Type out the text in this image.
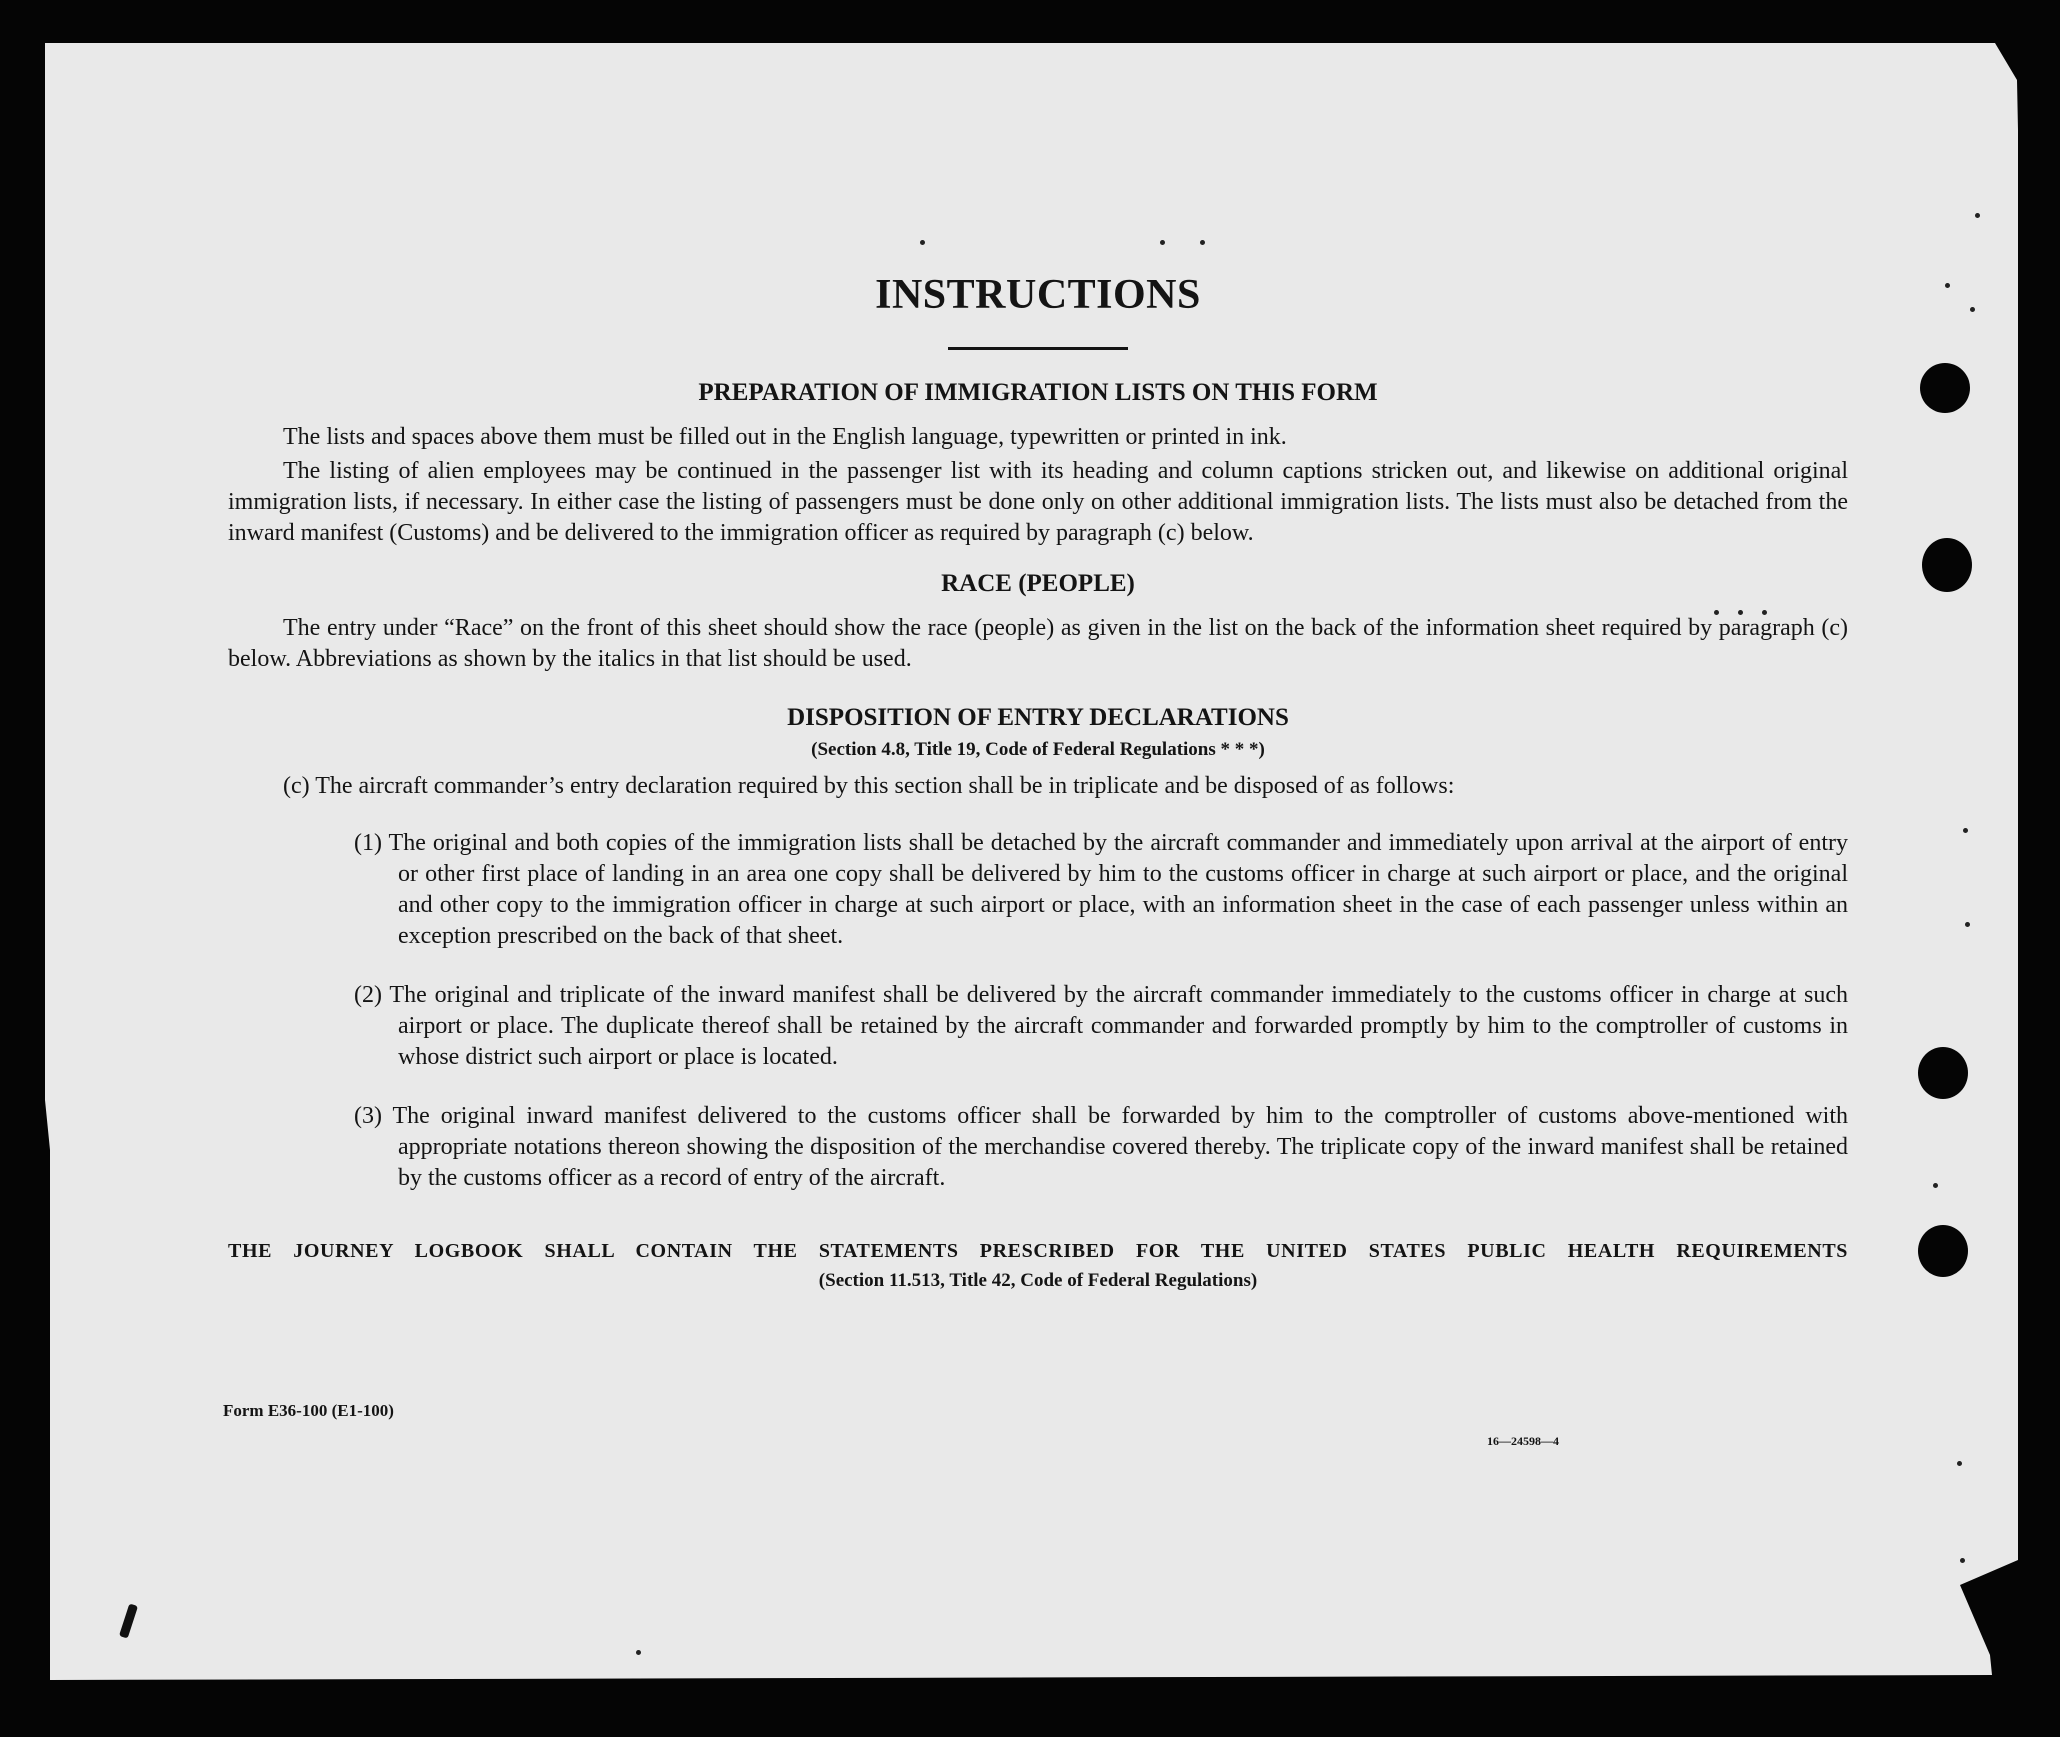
INSTRUCTIONS
PREPARATION OF IMMIGRATION LISTS ON THIS FORM

The lists and spaces above them must be filled out in the English language, typewritten or printed in ink.

The listing of alien employees may be continued in the passenger list with its heading and column captions stricken out, and likewise on additional original immigration lists, if necessary. In either case the listing of passengers must be done only on other additional immigration lists. The lists must also be detached from the inward manifest (Customs) and be delivered to the immigration officer as required by paragraph (c) below.

RACE (PEOPLE)

The entry under “Race” on the front of this sheet should show the race (people) as given in the list on the back of the information sheet required by paragraph (c) below. Abbreviations as shown by the italics in that list should be used.

DISPOSITION OF ENTRY DECLARATIONS

(Section 4.8, Title 19, Code of Federal Regulations * * *)

(c) The aircraft commander’s entry declaration required by this section shall be in triplicate and be disposed of as follows:

(1) The original and both copies of the immigration lists shall be detached by the aircraft commander and immediately upon arrival at the airport of entry or other first place of landing in an area one copy shall be delivered by him to the customs officer in charge at such airport or place, and the original and other copy to the immigration officer in charge at such airport or place, with an information sheet in the case of each passenger unless within an exception prescribed on the back of that sheet.

(2) The original and triplicate of the inward manifest shall be delivered by the aircraft commander immediately to the customs officer in charge at such airport or place. The duplicate thereof shall be retained by the aircraft commander and forwarded promptly by him to the comptroller of customs in whose district such airport or place is located.

(3) The original inward manifest delivered to the customs officer shall be forwarded by him to the comptroller of customs above-mentioned with appropriate notations thereon showing the disposition of the merchandise covered thereby. The triplicate copy of the inward manifest shall be retained by the customs officer as a record of entry of the aircraft.

THE JOURNEY LOGBOOK SHALL CONTAIN THE STATEMENTS PRESCRIBED FOR THE UNITED STATES PUBLIC HEALTH REQUIREMENTS

(Section 11.513, Title 42, Code of Federal Regulations)

Form E36-100 (E1-100)
16—24598—4
